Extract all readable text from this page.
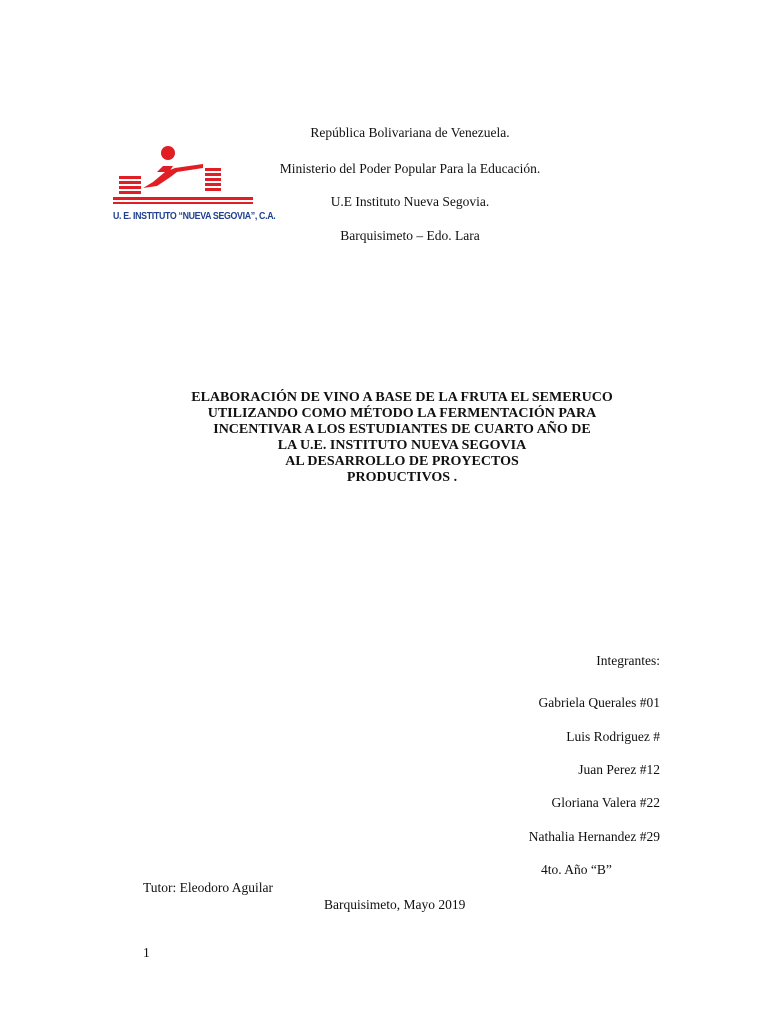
U. E. INSTITUTO “NUEVA SEGOVIA”, C.A.
República Bolivariana de Venezuela.
Ministerio del Poder Popular Para la Educación.
U.E Instituto Nueva Segovia.
Barquisimeto – Edo. Lara
ELABORACIÓN DE VINO A BASE DE LA FRUTA EL SEMERUCO
UTILIZANDO COMO MÉTODO LA FERMENTACIÓN PARA
INCENTIVAR A LOS ESTUDIANTES DE CUARTO AÑO DE
LA U.E. INSTITUTO NUEVA SEGOVIA
AL DESARROLLO DE PROYECTOS
PRODUCTIVOS .
Integrantes:
Gabriela Querales #01
Luis Rodriguez #
Juan Perez #12
Gloriana Valera #22
Nathalia Hernandez #29
4to. Año “B”
Tutor: Eleodoro Aguilar
Barquisimeto, Mayo 2019
1
